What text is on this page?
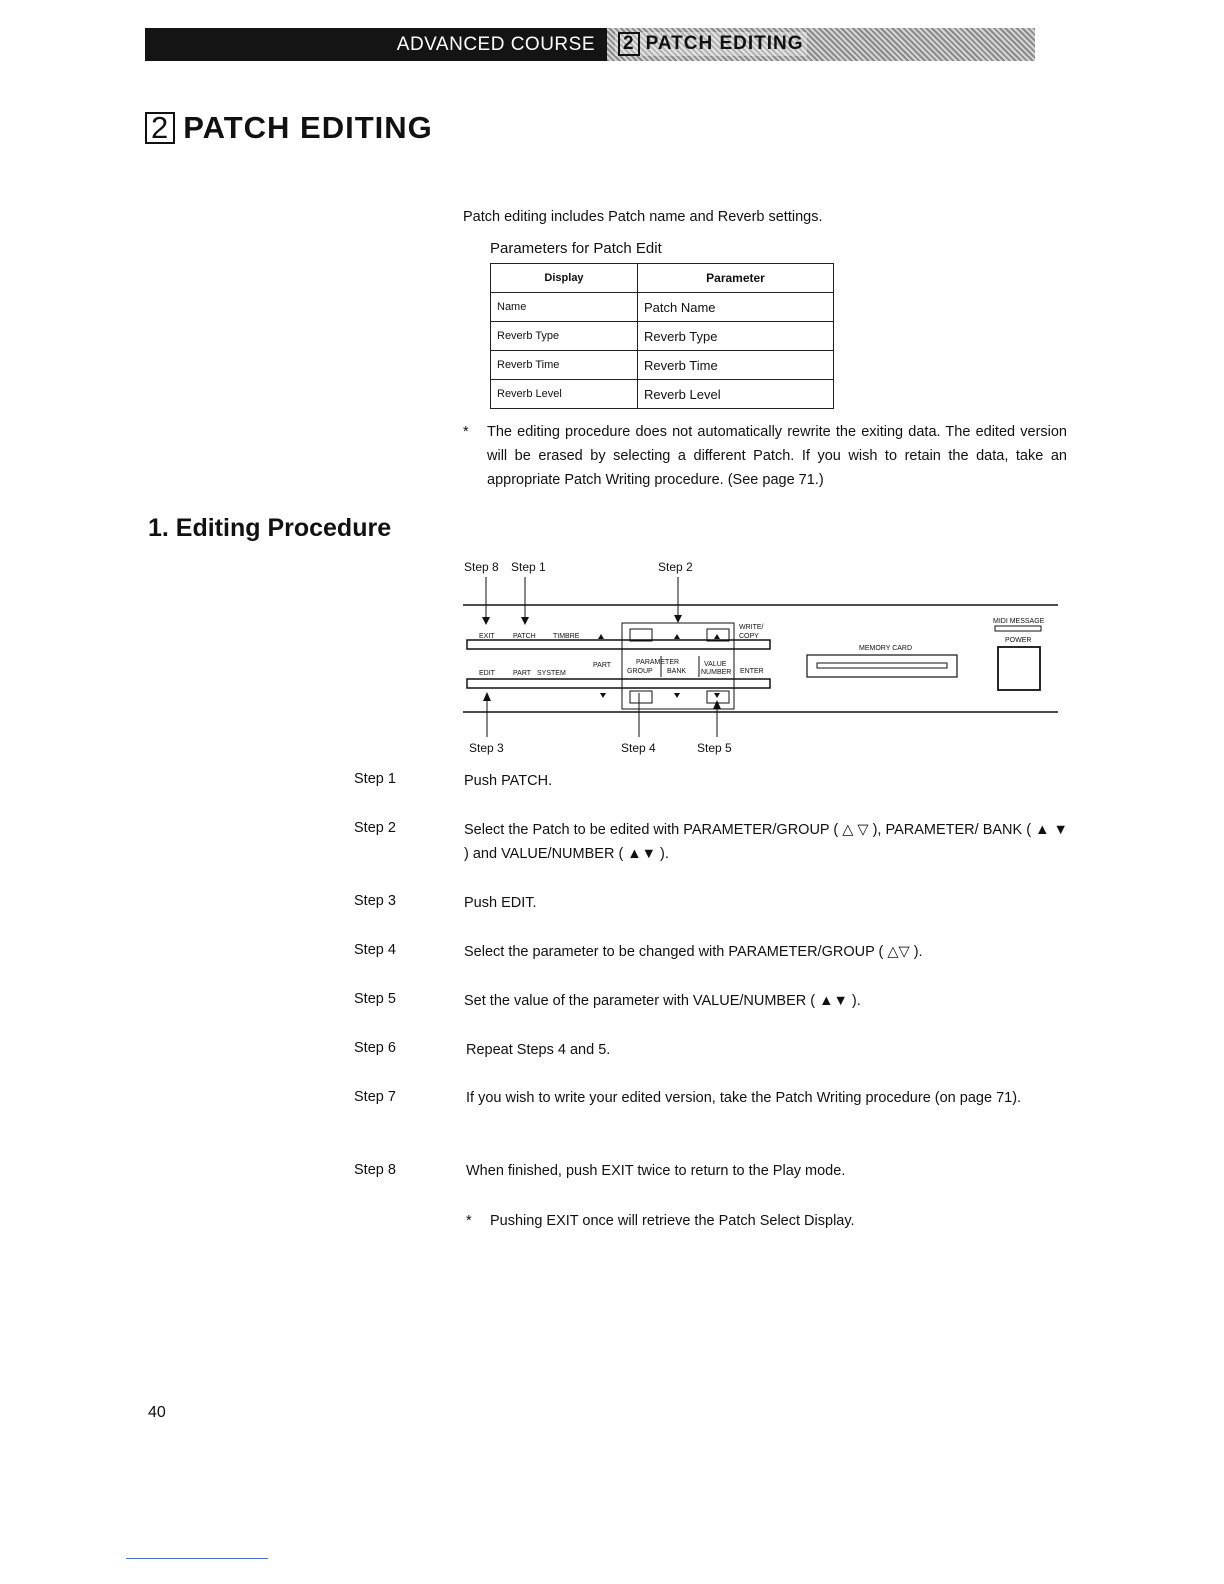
ADVANCED COURSE	2 PATCH EDITING
2 PATCH EDITING
Patch editing includes Patch name and Reverb settings.
Parameters for Patch Edit
Display	Parameter
Name	Patch Name
Reverb Type	Reverb Type
Reverb Time	Reverb Time
Reverb Level	Reverb Level
* The editing procedure does not automatically rewrite the exiting data. The edited version will be erased by selecting a different Patch. If you wish to retain the data, take an appropriate Patch Writing procedure. (See page 71.)
1. Editing Procedure
Step 8 Step 1	Step 2
EXIT	PATCH TIMBRE
WRITE/
COPY
PART	PARAMETER
GROUP BANK
VALUE
NUMBER ENTER
EDIT	PART SYSTEM
MEMORY CARD
MIDI MESSAGE
POWER
Step 3	Step 4	Step 5
Step 1	Push PATCH.
Step 2	Select the Patch to be edited with PARAMETER/GROUP ( △ ▽ ), PARAMETER/ BANK ( ▲ ▼ ) and VALUE/NUMBER ( ▲▼ ).
Step 3	Push EDIT.
Step 4	Select the parameter to be changed with PARAMETER/GROUP ( △▽ ).
Step 5	Set the value of the parameter with VALUE/NUMBER ( ▲▼ ).
Step 6	Repeat Steps 4 and 5.
Step 7	If you wish to write your edited version, take the Patch Writing procedure (on page 71).
Step 8	When finished, push EXIT twice to return to the Play mode.
* Pushing EXIT once will retrieve the Patch Select Display.
40
